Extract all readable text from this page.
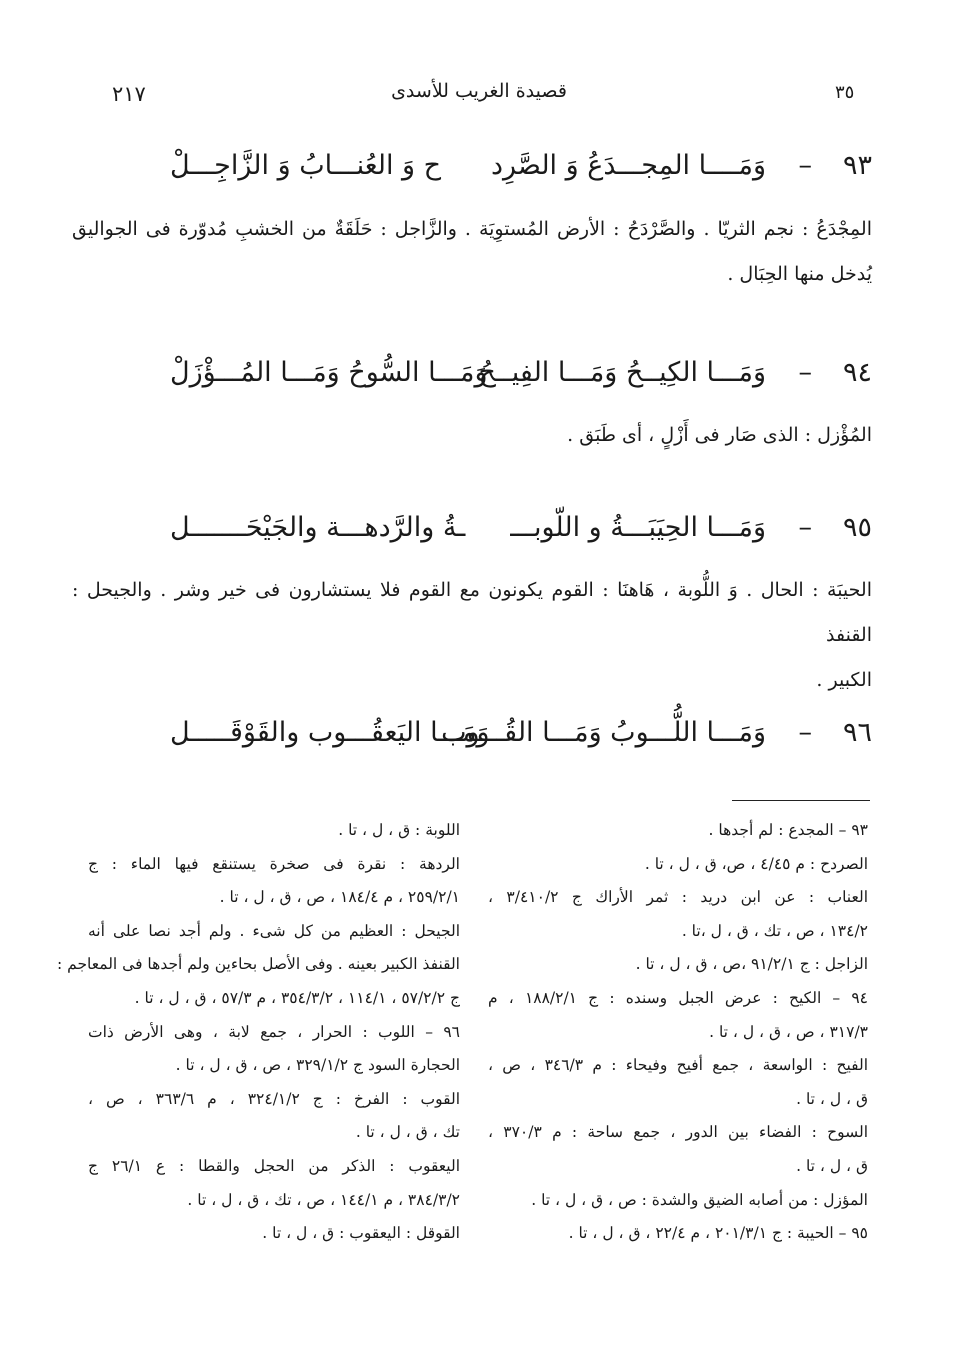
٢١٧	قصيدة الغريب للأسدى	٣٥
٩٣
–
وَمَــــا المِجـــدَعُ وَ الصَّرِد
ح وَ العُنـــابُ وَ الزَّاجِـــلْ
المِجْدَعُ : نجم الثريّا . والصَّرْدَحُ : الأرض المُستوِيَة . والزَّاجل : حَلَقَةٌ من الخشبِ مُدوّرة فى الجواليق
يُدخل منها الحِبَال .
٩٤
–
وَمَـــا الكِيــحُ وَمَـــا الفِيــحُ
وَمَـــا السُّوحُ وَمَـــا المُـــؤْزَلْ
المُؤْزل : الذى صَار فى أَزْلٍ ، أى طَبَق .
٩٥
–
وَمَـــا الحِيَبَـــةُ و اللّوبـــ
ـةُ والرَّدهـــة والجَيْحَـــــــل
الحيبَة : الحال . وَ اللُّوبة ، هَاهنَا : القوم يكونون مع القوم فلا يستشارون فى خير وشر . والجيحل : القنفذ
الكبير .
٩٦
–
وَمَـــا اللُّـــوبُ وَمَـــا القُـــوب
وَمَـــا اليَعقُـــوب والقَوْقَـــــل
٩٣ – المجدع : لم أجدها .
الصردح : م ٤/٤٥ ، ص، ق ، ل ، تا .
العناب : عن ابن دريد : ثمر الأراك ج ٣/٤١٠/٢ ،
١٣٤/٢ ، ص ، تك ، ق ، ل ،تا .
الزاجل : ج ٩١/٢/١ ،ص ، ق ، ل ، تا .
٩٤ – الكيح : عرض الجبل وسنده : ج ١٨٨/٢/١ ، م
٣١٧/٣ ، ص ، ق ، ل ، تا .
الفيح : الواسعة ، جمع أفيح وفيحاء : م ٣٤٦/٣ ، ص ،
ق ، ل ، تا .
السوح : الفضاء بين الدور ، جمع ساحة : م ٣٧٠/٣ ،
ق ، ل ، تا .
المؤزل : من أصابه الضيق والشدة : ص ، ق ، ل ، تا .
٩٥ – الحيبة : ج ٢٠١/٣/١ ، م ٢٢/٤ ، ق ، ل ، تا .
اللوبة : ق ، ل ، تا .
الردهة : نقرة فى صخرة يستنقع فيها الماء : ج
٢٥٩/٢/١ ، م ١٨٤/٤ ، ص ، ق ، ل ، تا .
الجيحل : العظيم من كل شىء . ولم أجد نصا على أنه
القنفذ الكبير بعينه . وفى الأصل بحاءين ولم أجدها فى المعاجم :
ج ٥٧/٢/٢ ، ١١٤/١ ، ٣٥٤/٣/٢ ، م ٥٧/٣ ، ق ، ل ، تا .
٩٦ – اللوب : الحرار ، جمع لابة ، وهى الأرض ذات
الحجارة السود ج ٣٢٩/١/٢ ، ص ، ق ، ل ، تا .
القوب : الفرخ : ج ٣٢٤/١/٢ ، م ٣٦٣/٦ ، ص ،
تك ، ق ، ل ، تا .
اليعقوب : الذكر من الحجل والقطا : ع ٢٦/١ ج
٣٨٤/٣/٢ ، م ١٤٤/١ ، ص ، تك ، ق ، ل ، تا .
القوقل : اليعقوب : ق ، ل ، تا .
